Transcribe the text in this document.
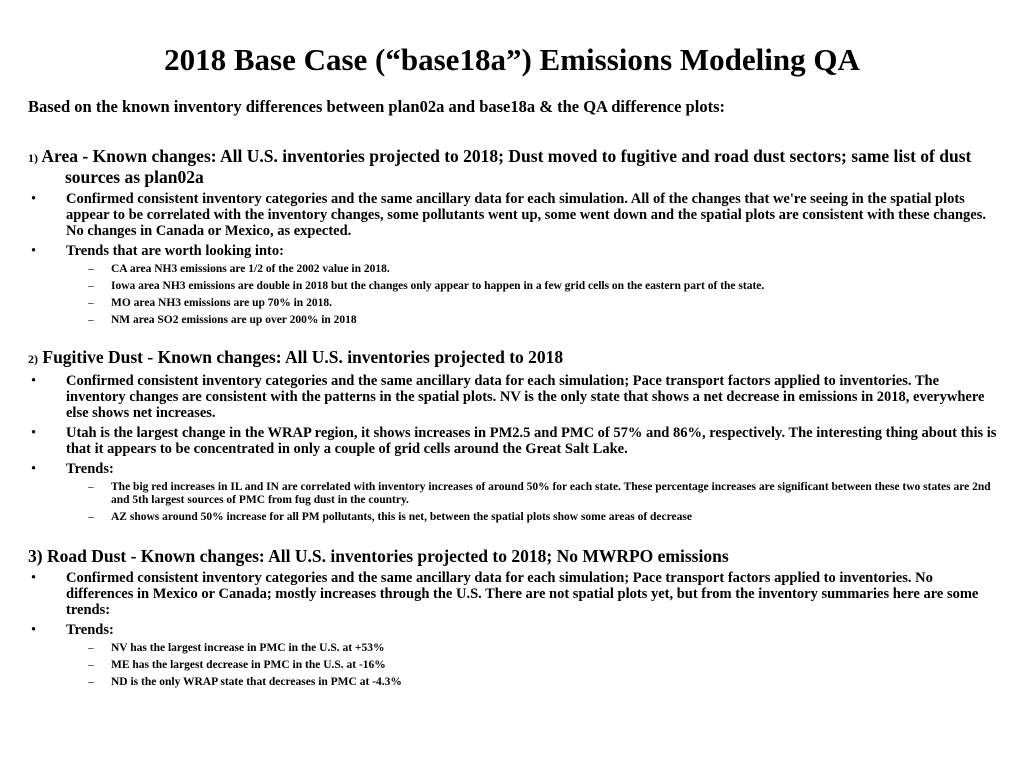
2018 Base Case (“base18a”) Emissions Modeling QA
Based on the known inventory differences between plan02a and base18a & the QA difference plots:
1) Area - Known changes: All U.S. inventories projected to 2018; Dust moved to fugitive and road dust sectors; same list of dust sources as plan02a
• Confirmed consistent inventory categories and the same ancillary data for each simulation. All of the changes that we're seeing in the spatial plots appear to be correlated with the inventory changes, some pollutants went up, some went down and the spatial plots are consistent with these changes. No changes in Canada or Mexico, as expected.
• Trends that are worth looking into:
– CA area NH3 emissions are 1/2 of the 2002 value in 2018.
– Iowa area NH3 emissions are double in 2018 but the changes only appear to happen in a few grid cells on the eastern part of the state.
– MO area NH3 emissions are up 70% in 2018.
– NM area SO2 emissions are up over 200% in 2018
2) Fugitive Dust - Known changes: All U.S. inventories projected to 2018
• Confirmed consistent inventory categories and the same ancillary data for each simulation; Pace transport factors applied to inventories. The inventory changes are consistent with the patterns in the spatial plots. NV is the only state that shows a net decrease in emissions in 2018, everywhere else shows net increases.
• Utah is the largest change in the WRAP region, it shows increases in PM2.5 and PMC of 57% and 86%, respectively. The interesting thing about this is that it appears to be concentrated in only a couple of grid cells around the Great Salt Lake.
• Trends:
– The big red increases in IL and IN are correlated with inventory increases of around 50% for each state. These percentage increases are significant between these two states are 2nd and 5th largest sources of PMC from fug dust in the country.
– AZ shows around 50% increase for all PM pollutants, this is net, between the spatial plots show some areas of decrease
3) Road Dust - Known changes: All U.S. inventories projected to 2018; No MWRPO emissions
• Confirmed consistent inventory categories and the same ancillary data for each simulation; Pace transport factors applied to inventories. No differences in Mexico or Canada; mostly increases through the U.S. There are not spatial plots yet, but from the inventory summaries here are some trends:
• Trends:
– NV has the largest increase in PMC in the U.S. at +53%
– ME has the largest decrease in PMC in the U.S. at -16%
– ND is the only WRAP state that decreases in PMC at -4.3%
